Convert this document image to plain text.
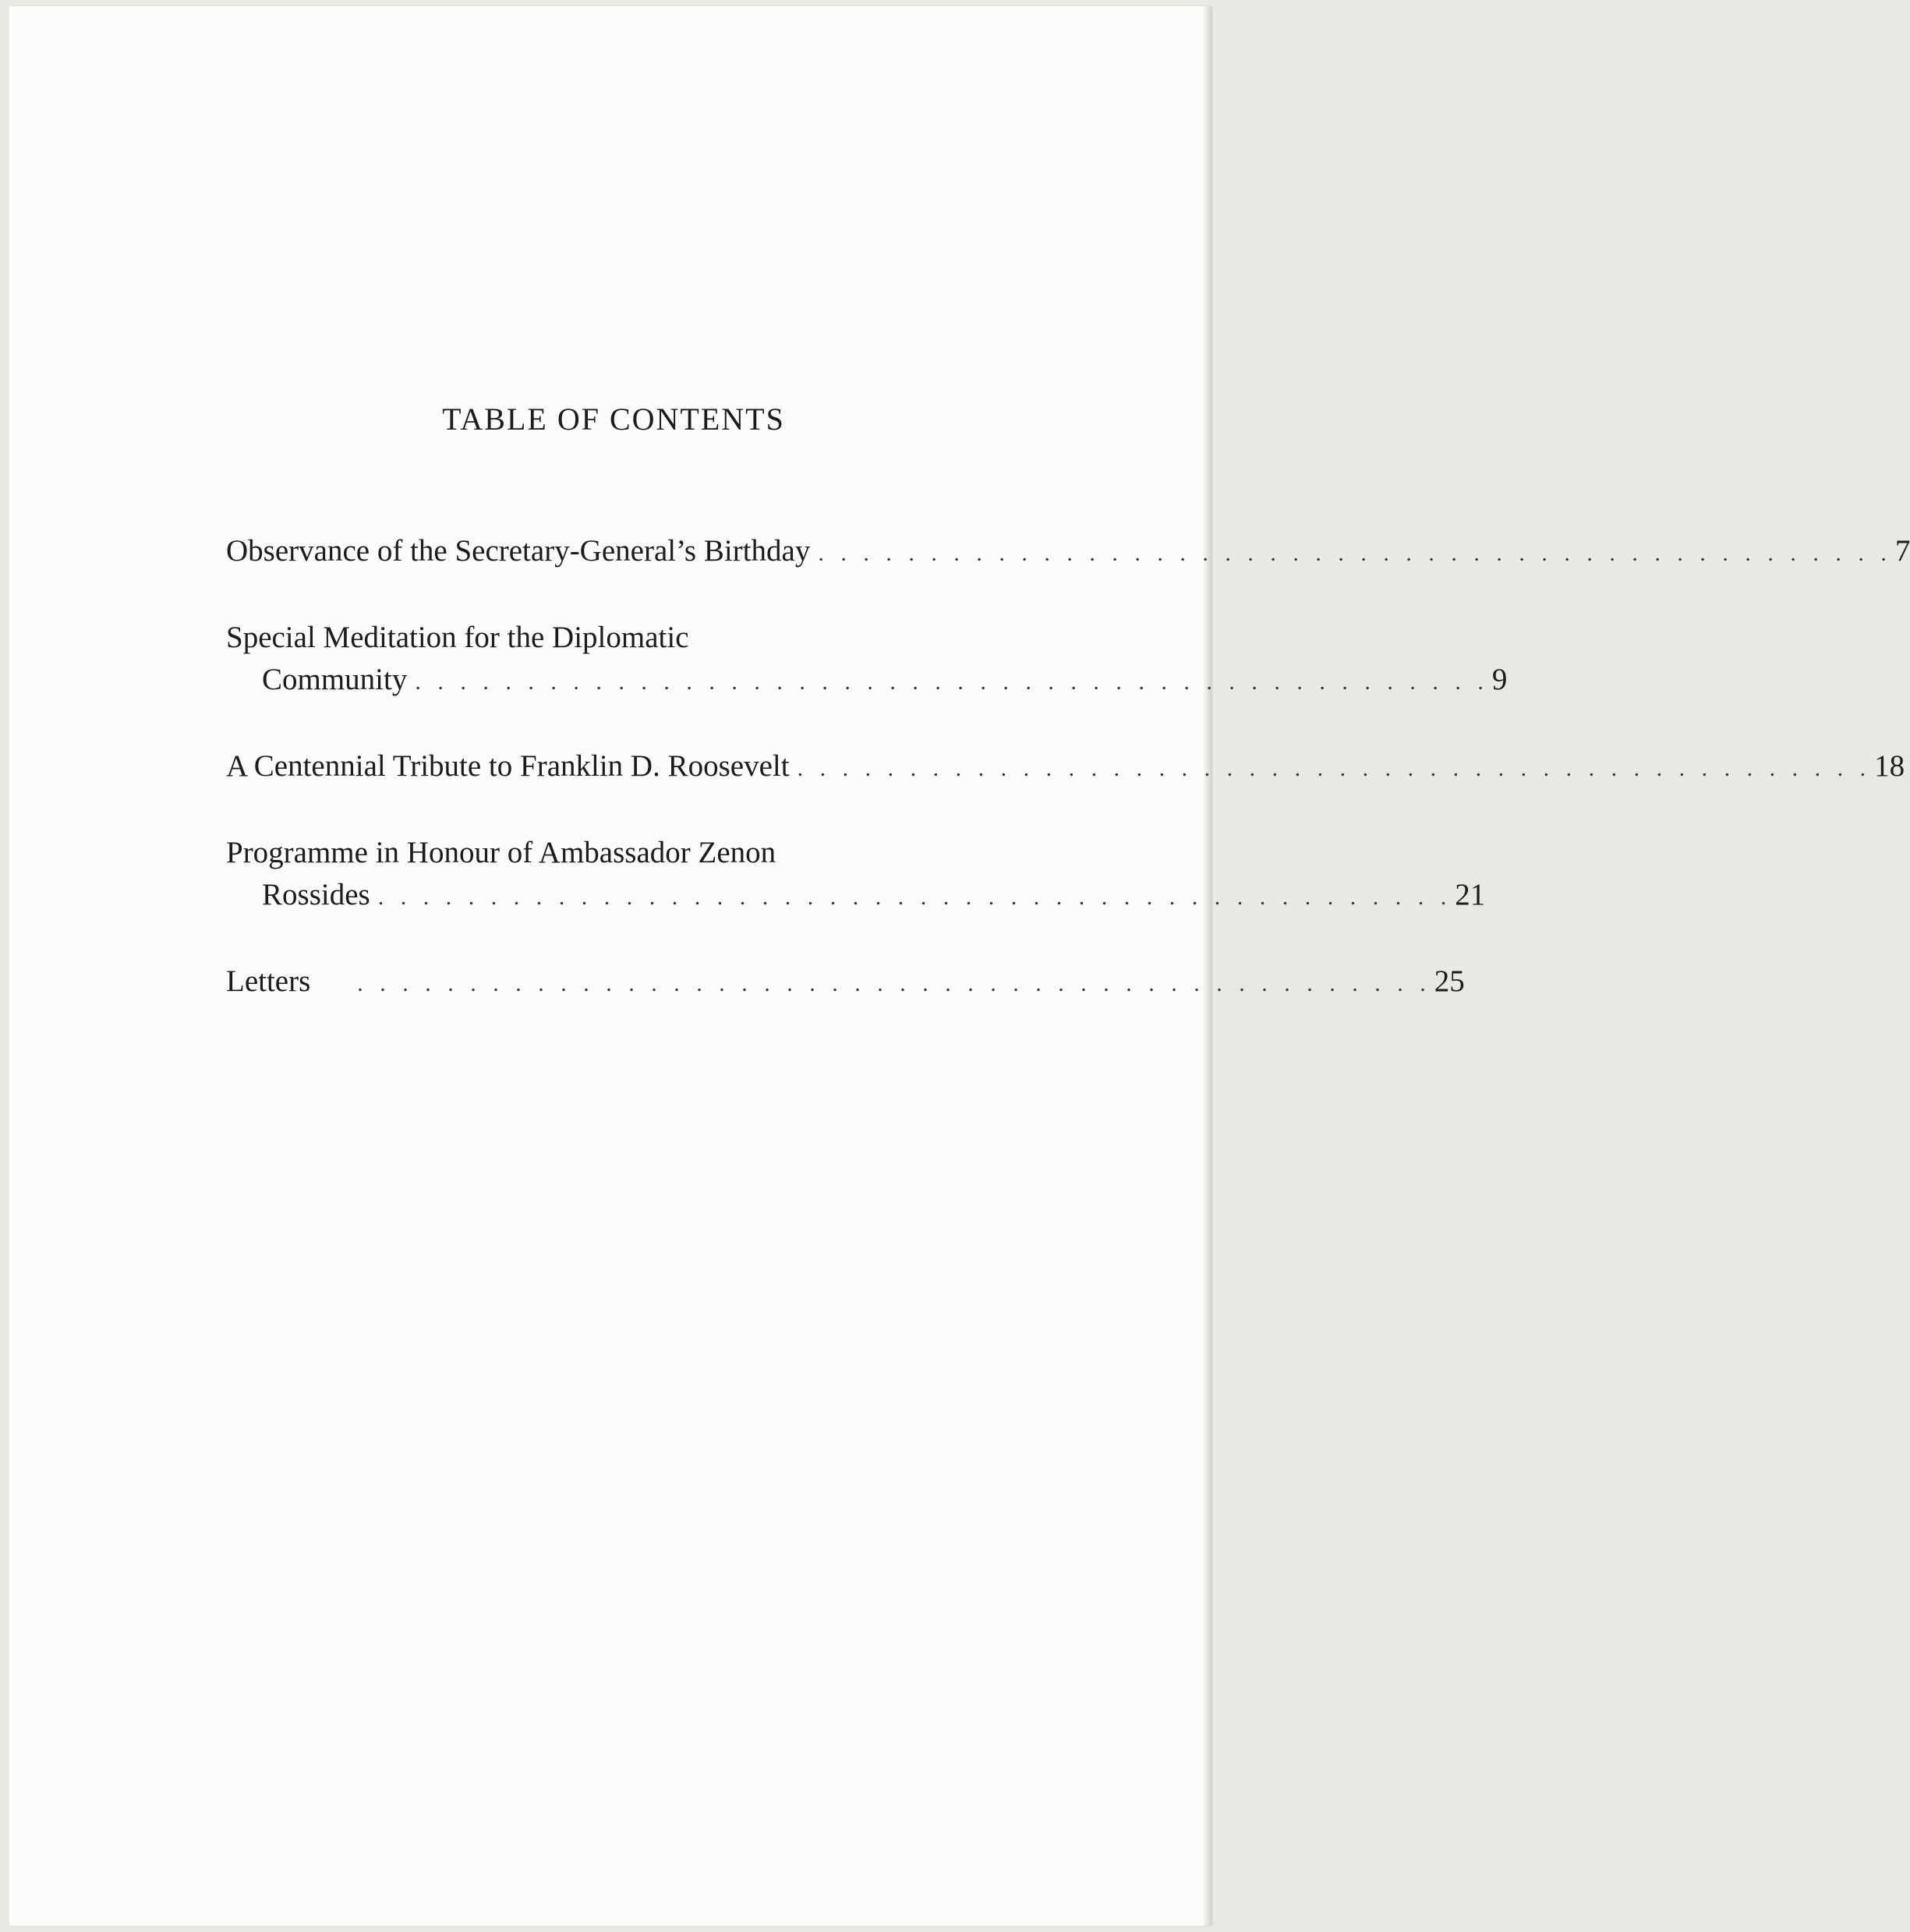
TABLE OF CONTENTS
Observance of the Secretary-General’s Birthday . . . . . . . . . . . . . . . . . . . . . . . . . . . . . . . . . . . . . . . . . . . . . . . . 7
Special Meditation for the Diplomatic
Community . . . . . . . . . . . . . . . . . . . . . . . . . . . . . . . . . . . . . . . . . . . . . . . . 9
A Centennial Tribute to Franklin D. Roosevelt . . . . . . . . . . . . . . . . . . . . . . . . . . . . . . . . . . . . . . . . . . . . . . . . 18
Programme in Honour of Ambassador Zenon
Rossides . . . . . . . . . . . . . . . . . . . . . . . . . . . . . . . . . . . . . . . . . . . . . . . . 21
Letters . . . . . . . . . . . . . . . . . . . . . . . . . . . . . . . . . . . . . . . . . . . . . . . . 25
